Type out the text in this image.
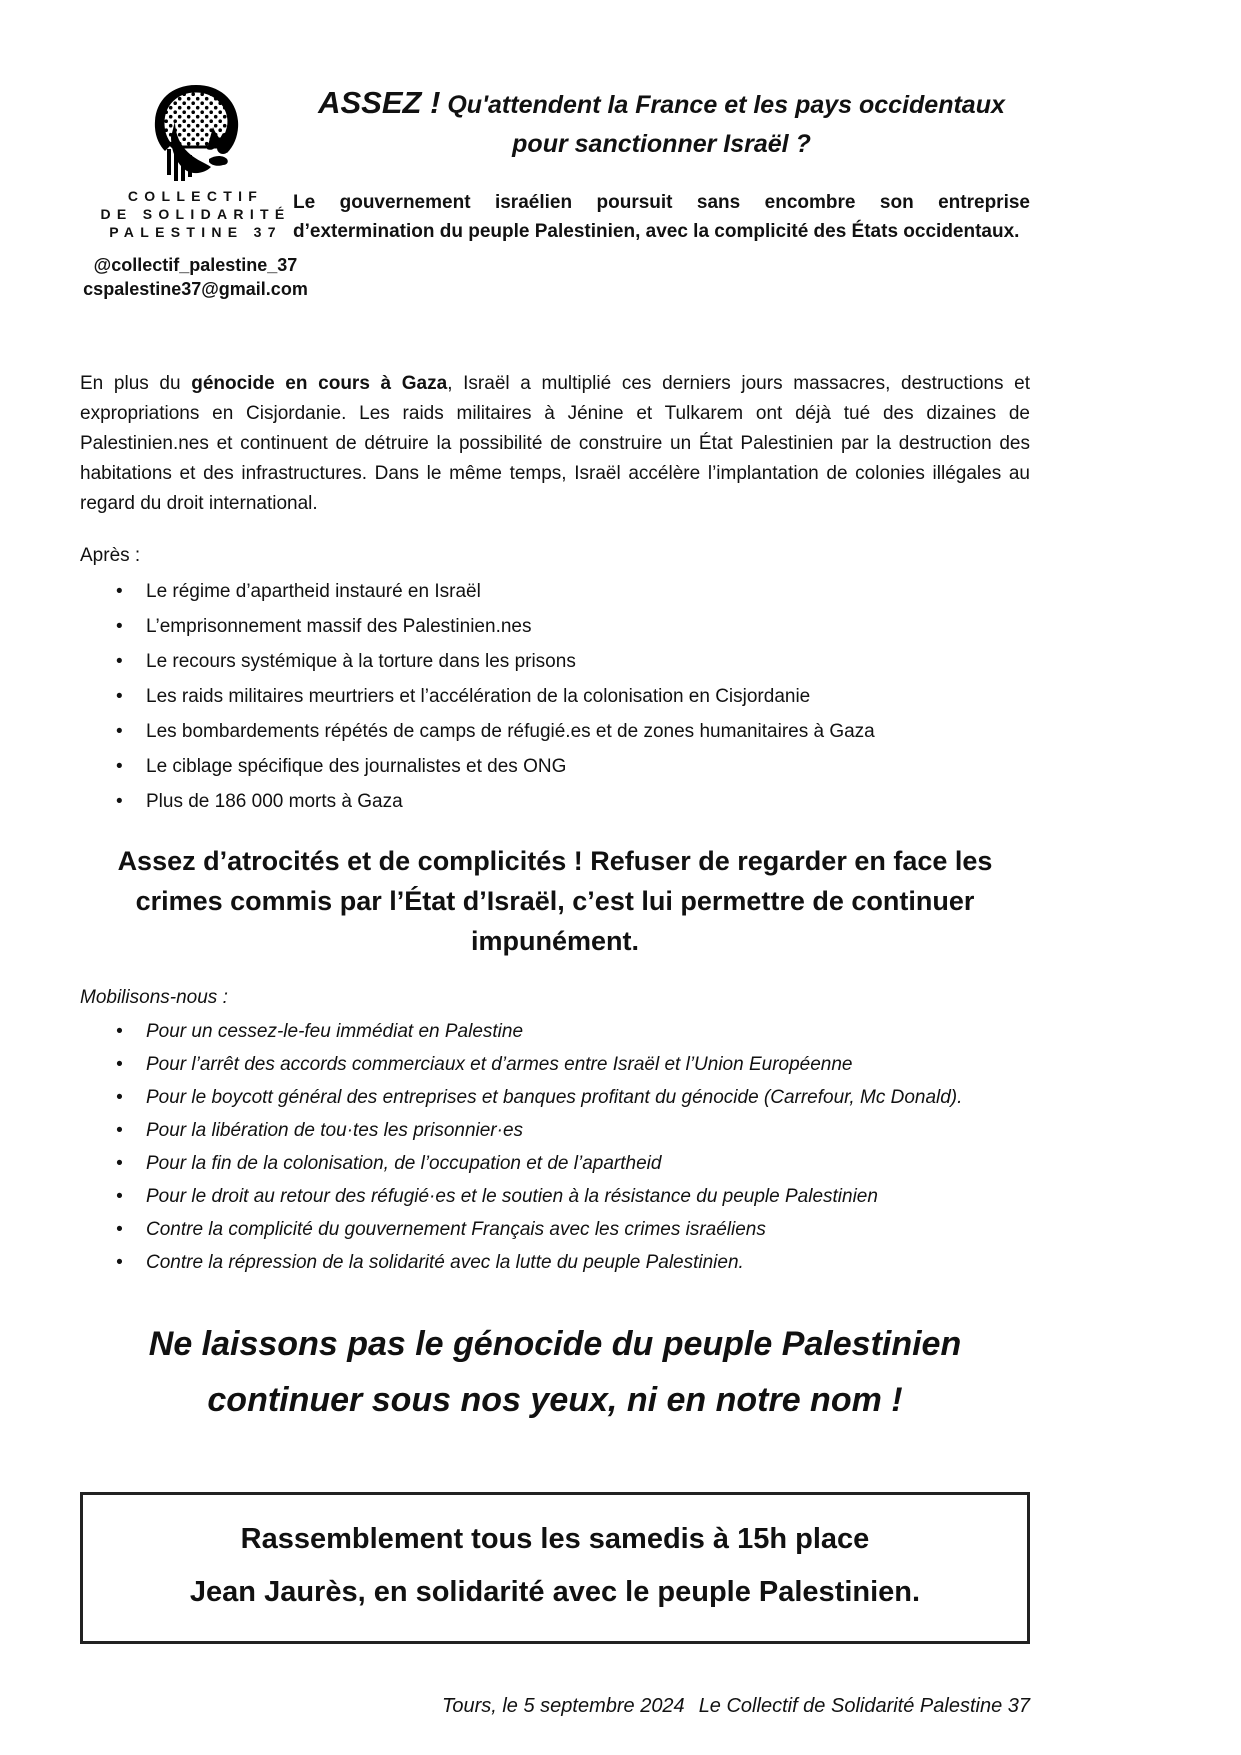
COLLECTIF
DE SOLIDARITÉ
PALESTINE 37
@collectif_palestine_37
cspalestine37@gmail.com
ASSEZ ! Qu'attendent la France et les pays occidentaux
pour sanctionner Israël ?

Le gouvernement israélien poursuit sans encombre son entreprise d’extermination du peuple Palestinien, avec la complicité des États occidentaux.

En plus du génocide en cours à Gaza, Israël a multiplié ces derniers jours massacres, destructions et expropriations en Cisjordanie. Les raids militaires à Jénine et Tulkarem ont déjà tué des dizaines de Palestinien.nes et continuent de détruire la possibilité de construire un État Palestinien par la destruction des habitations et des infrastructures. Dans le même temps, Israël accélère l’implantation de colonies illégales au regard du droit international.

Après :

• Le régime d’apartheid instauré en Israël
• L’emprisonnement massif des Palestinien.nes
• Le recours systémique à la torture dans les prisons
• Les raids militaires meurtriers et l’accélération de la colonisation en Cisjordanie
• Les bombardements répétés de camps de réfugié.es et de zones humanitaires à Gaza
• Le ciblage spécifique des journalistes et des ONG
• Plus de 186 000 morts à Gaza
Assez d’atrocités et de complicités ! Refuser de regarder en face les
crimes commis par l’État d’Israël, c’est lui permettre de continuer
impunément.

Mobilisons-nous :

• Pour un cessez-le-feu immédiat en Palestine
• Pour l’arrêt des accords commerciaux et d’armes entre Israël et l’Union Européenne
• Pour le boycott général des entreprises et banques profitant du génocide (Carrefour, Mc Donald).
• Pour la libération de tou·tes les prisonnier·es
• Pour la fin de la colonisation, de l’occupation et de l’apartheid
• Pour le droit au retour des réfugié·es et le soutien à la résistance du peuple Palestinien
• Contre la complicité du gouvernement Français avec les crimes israéliens
• Contre la répression de la solidarité avec la lutte du peuple Palestinien.
Ne laissons pas le génocide du peuple Palestinien
continuer sous nos yeux, ni en notre nom !
Rassemblement tous les samedis à 15h place
Jean Jaurès, en solidarité avec le peuple Palestinien.
Tours, le 5 septembre 2024 Le Collectif de Solidarité Palestine 37
